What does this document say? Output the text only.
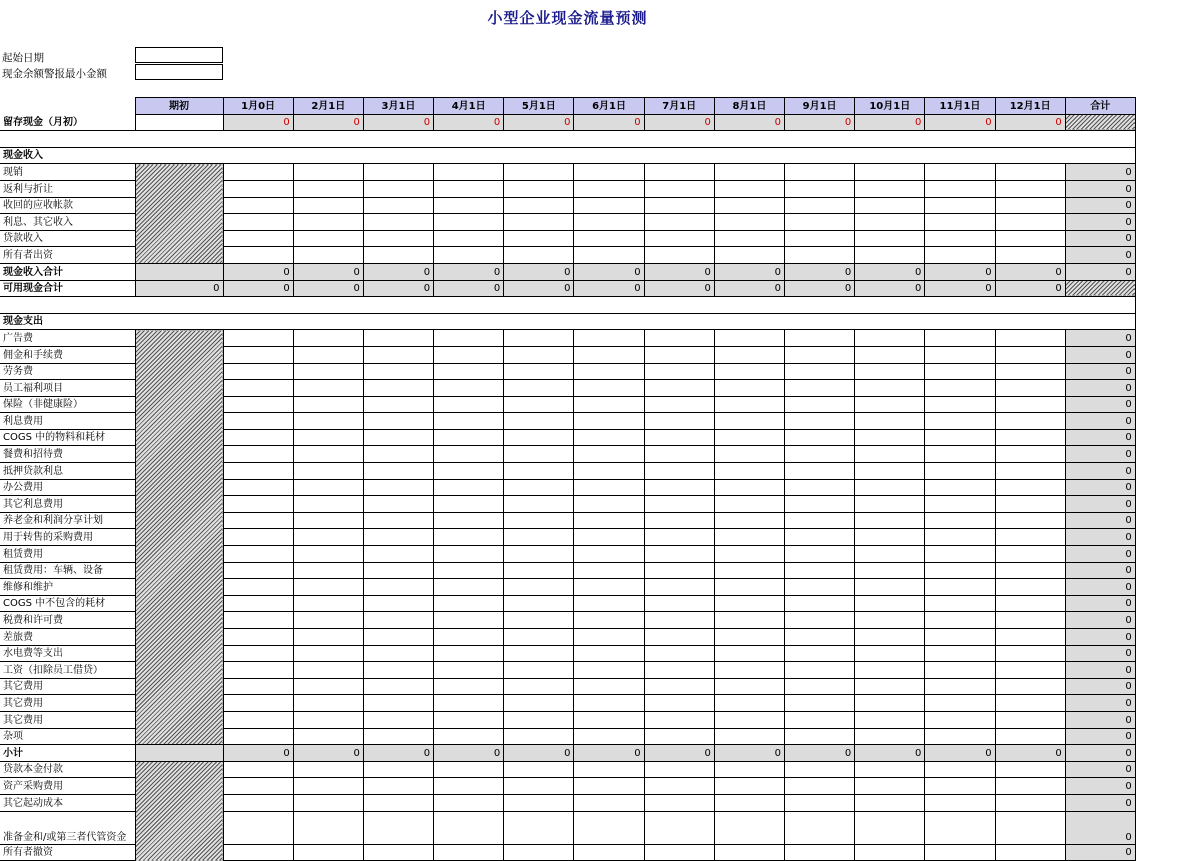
小型企业现金流量预测
起始日期
现金余额警报最小金额
	期初	1月0日	2月1日	3月1日	4月1日	5月1日	6月1日	7月1日	8月1日	9月1日	10月1日	11月1日	12月1日	合计
留存现金（月初）		0	0	0	0	0	0	0	0	0	0	0	0	

现金收入														
现销														0
返利与折让														0
收回的应收帐款														0
利息、其它收入														0
贷款收入														0
所有者出资														0
现金收入合计		0	0	0	0	0	0	0	0	0	0	0	0	0
可用现金合计	0	0	0	0	0	0	0	0	0	0	0	0	0	

现金支出														
广告费														0
佣金和手续费														0
劳务费														0
员工福利项目														0
保险（非健康险）														0
利息费用														0
COGS 中的物料和耗材														0
餐费和招待费														0
抵押贷款利息														0
办公费用														0
其它利息费用														0
养老金和利润分享计划														0
用于转售的采购费用														0
租赁费用														0
租赁费用：车辆、设备														0
维修和维护														0
COGS 中不包含的耗材														0
税费和许可费														0
差旅费														0
水电费等支出														0
工资（扣除员工借贷）														0
其它费用														0
其它费用														0
其它费用														0
杂项														0
小计		0	0	0	0	0	0	0	0	0	0	0	0	0
贷款本金付款														0
资产采购费用														0
其它起动成本														0
准备金和/或第三者代管资金														0
所有者撤资														0
